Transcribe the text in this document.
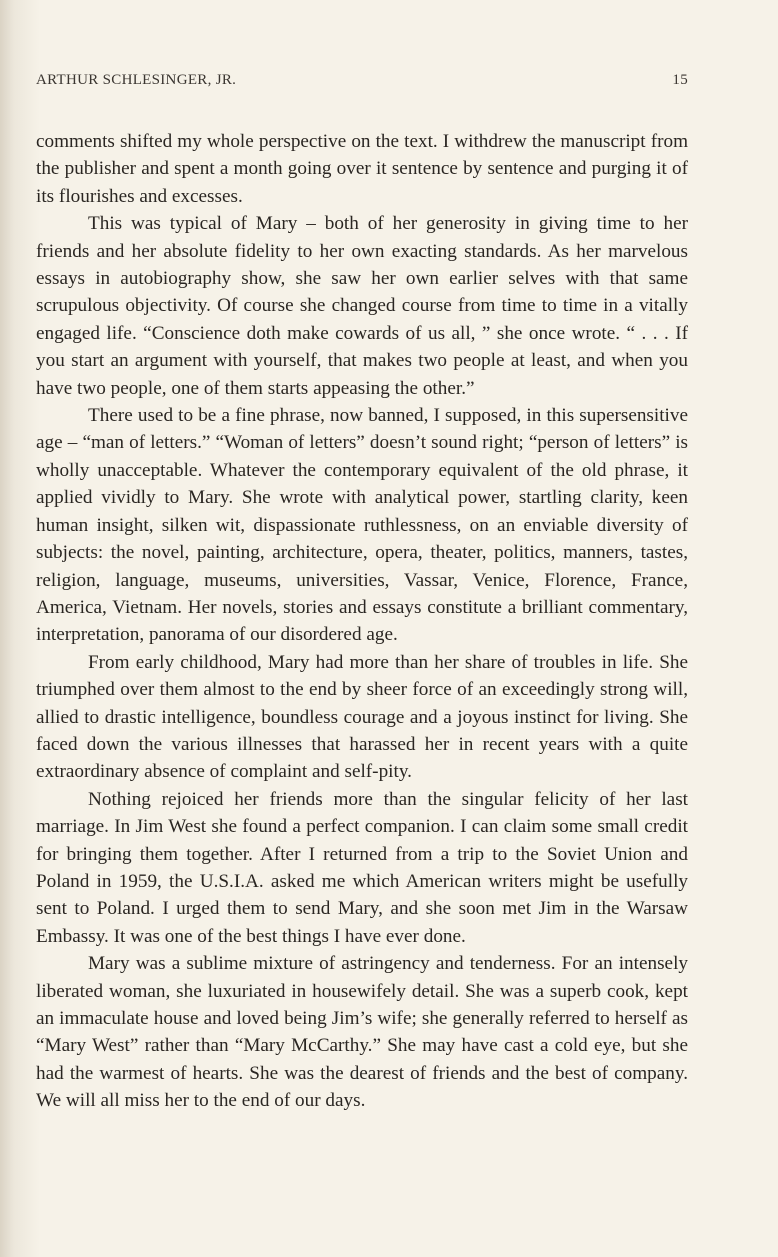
ARTHUR SCHLESINGER, JR.	15

comments shifted my whole perspective on the text. I withdrew the manuscript from the publisher and spent a month going over it sentence by sentence and purging it of its flourishes and excesses.

This was typical of Mary – both of her generosity in giving time to her friends and her absolute fidelity to her own exacting standards. As her marvelous essays in autobiography show, she saw her own earlier selves with that same scrupulous objectivity. Of course she changed course from time to time in a vitally engaged life. “Conscience doth make cowards of us all, ” she once wrote. “ . . . If you start an argument with yourself, that makes two people at least, and when you have two people, one of them starts appeasing the other.”

There used to be a fine phrase, now banned, I supposed, in this supersensitive age – “man of letters.” “Woman of letters” doesn’t sound right; “person of letters” is wholly unacceptable. Whatever the contemporary equivalent of the old phrase, it applied vividly to Mary. She wrote with analytical power, startling clarity, keen human insight, silken wit, dispassionate ruthlessness, on an enviable diversity of subjects: the novel, painting, architecture, opera, theater, politics, manners, tastes, religion, language, museums, universities, Vassar, Venice, Florence, France, America, Vietnam. Her novels, stories and essays constitute a brilliant commentary, interpretation, panorama of our disordered age.

From early childhood, Mary had more than her share of troubles in life. She triumphed over them almost to the end by sheer force of an exceedingly strong will, allied to drastic intelligence, boundless courage and a joyous instinct for living. She faced down the various illnesses that harassed her in recent years with a quite extraordinary absence of complaint and self-pity.

Nothing rejoiced her friends more than the singular felicity of her last marriage. In Jim West she found a perfect companion. I can claim some small credit for bringing them together. After I returned from a trip to the Soviet Union and Poland in 1959, the U.S.I.A. asked me which American writers might be usefully sent to Poland. I urged them to send Mary, and she soon met Jim in the Warsaw Embassy. It was one of the best things I have ever done.

Mary was a sublime mixture of astringency and tenderness. For an intensely liberated woman, she luxuriated in housewifely detail. She was a superb cook, kept an immaculate house and loved being Jim’s wife; she generally referred to herself as “Mary West” rather than “Mary McCarthy.” She may have cast a cold eye, but she had the warmest of hearts. She was the dearest of friends and the best of company. We will all miss her to the end of our days.
